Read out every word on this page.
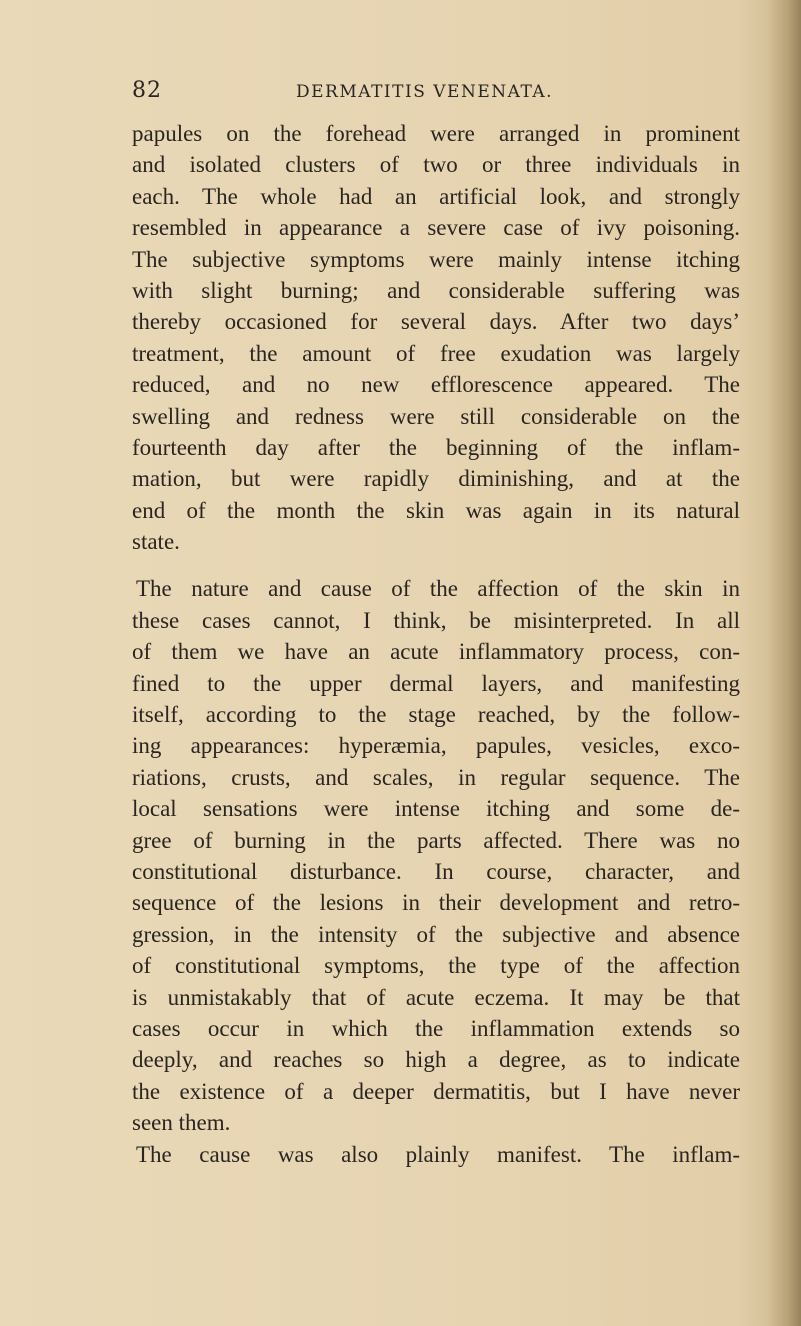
82	DERMATITIS VENENATA.
papules on the forehead were arranged in prominent
and isolated clusters of two or three individuals in
each. The whole had an artificial look, and strongly
resembled in appearance a severe case of ivy poisoning.
The subjective symptoms were mainly intense itching
with slight burning; and considerable suffering was
thereby occasioned for several days. After two days’
treatment, the amount of free exudation was largely
reduced, and no new efflorescence appeared. The
swelling and redness were still considerable on the
fourteenth day after the beginning of the inflam-
mation, but were rapidly diminishing, and at the
end of the month the skin was again in its natural
state.
The nature and cause of the affection of the skin in
these cases cannot, I think, be misinterpreted. In all
of them we have an acute inflammatory process, con-
fined to the upper dermal layers, and manifesting
itself, according to the stage reached, by the follow-
ing appearances: hyperæmia, papules, vesicles, exco-
riations, crusts, and scales, in regular sequence. The
local sensations were intense itching and some de-
gree of burning in the parts affected. There was no
constitutional disturbance. In course, character, and
sequence of the lesions in their development and retro-
gression, in the intensity of the subjective and absence
of constitutional symptoms, the type of the affection
is unmistakably that of acute eczema. It may be that
cases occur in which the inflammation extends so
deeply, and reaches so high a degree, as to indicate
the existence of a deeper dermatitis, but I have never
seen them.
The cause was also plainly manifest. The inflam-
